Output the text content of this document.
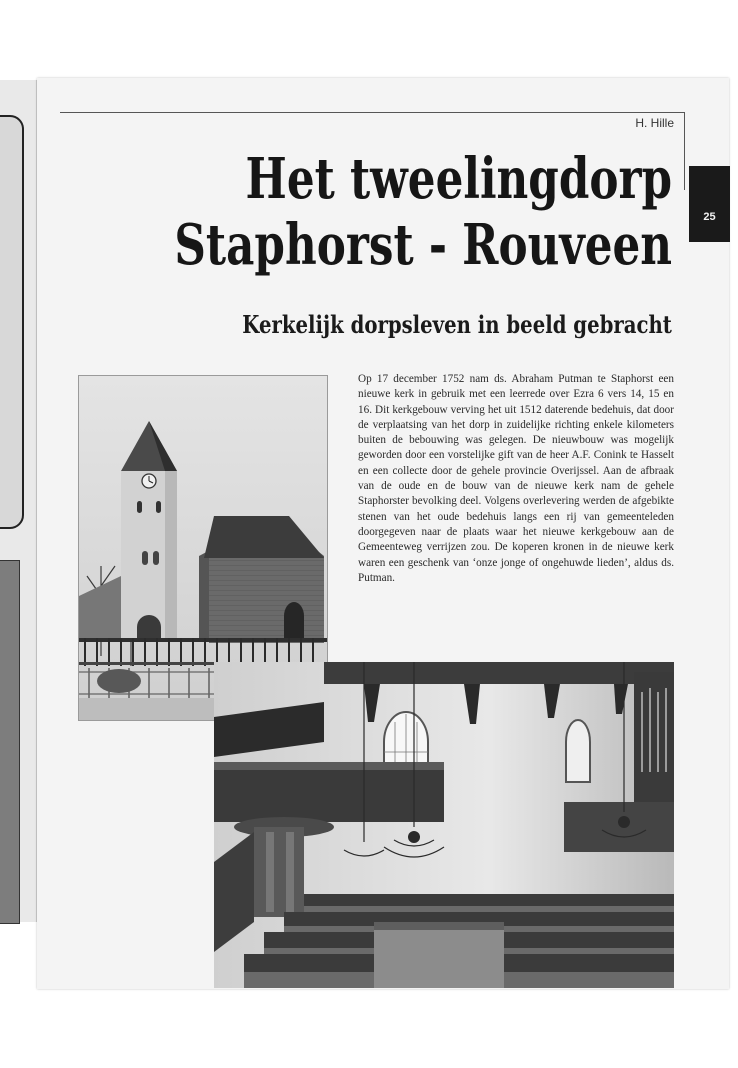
H. Hille
25
Het tweelingdorp
Staphorst - Rouveen
Kerkelijk dorpsleven in beeld gebracht

Op 17 december 1752 nam ds. Abraham Putman te Staphorst een nieuwe kerk in gebruik met een leerrede over Ezra 6 vers 14, 15 en 16. Dit kerkgebouw verving het uit 1512 daterende bedehuis, dat door de verplaatsing van het dorp in zuidelijke richting enkele kilometers buiten de bebouwing was gelegen. De nieuwbouw was mogelijk geworden door een vorstelijke gift van de heer A.F. Conink te Hasselt en een collecte door de gehele provincie Overijssel. Aan de afbraak van de oude en de bouw van de nieuwe kerk nam de gehele Staphorster bevolking deel. Volgens overlevering werden de afgebikte stenen van het oude bedehuis langs een rij van gemeenteleden doorgegeven naar de plaats waar het nieuwe kerkgebouw aan de Gemeenteweg verrijzen zou. De koperen kronen in de nieuwe kerk waren een geschenk van ‘onze jonge of ongehuwde lieden’, aldus ds. Putman.
